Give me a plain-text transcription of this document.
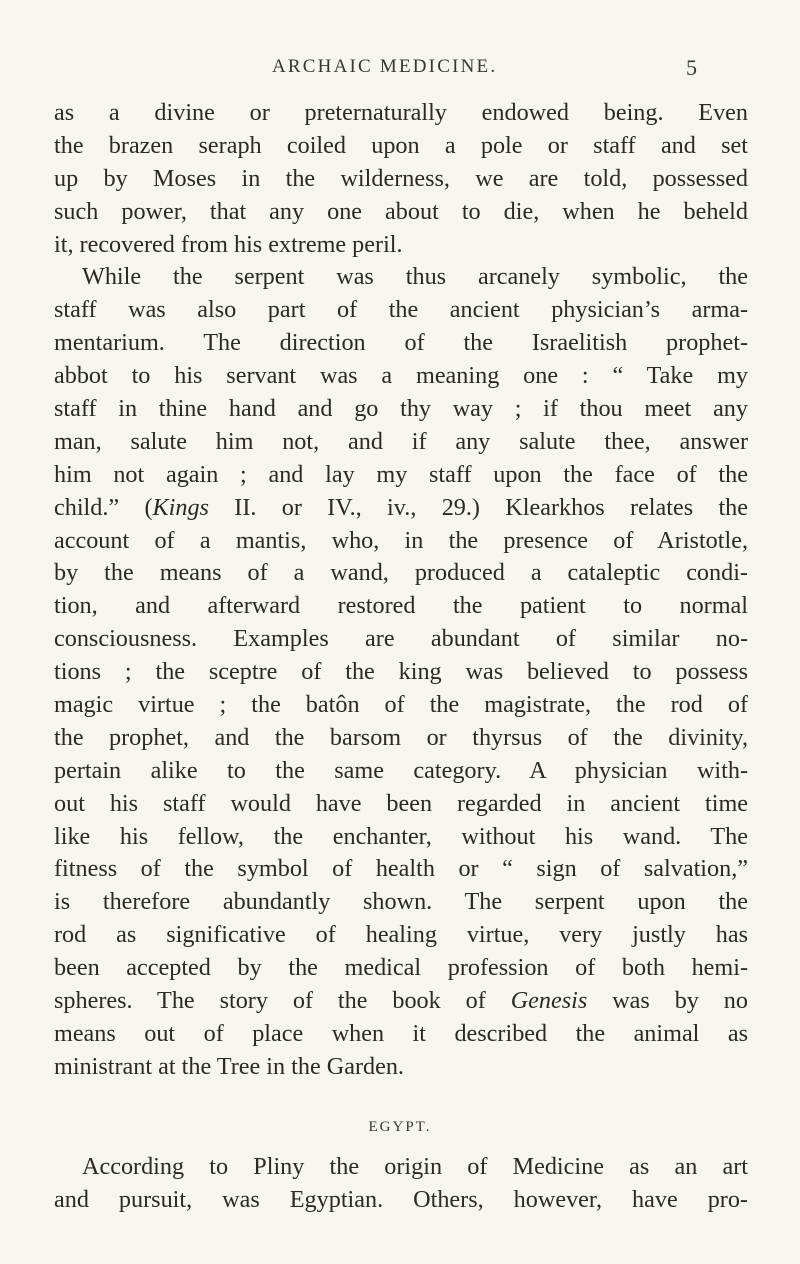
ARCHAIC MEDICINE.	5
as a divine or preternaturally endowed being. Even
the brazen seraph coiled upon a pole or staff and set
up by Moses in the wilderness, we are told, possessed
such power, that any one about to die, when he beheld
it, recovered from his extreme peril.
While the serpent was thus arcanely symbolic, the
staff was also part of the ancient physician’s arma-
mentarium. The direction of the Israelitish prophet-
abbot to his servant was a meaning one : “ Take my
staff in thine hand and go thy way ; if thou meet any
man, salute him not, and if any salute thee, answer
him not again ; and lay my staff upon the face of the
child.” (Kings II. or IV., iv., 29.) Klearkhos relates the
account of a mantis, who, in the presence of Aristotle,
by the means of a wand, produced a cataleptic condi-
tion, and afterward restored the patient to normal
consciousness. Examples are abundant of similar no-
tions ; the sceptre of the king was believed to possess
magic virtue ; the batôn of the magistrate, the rod of
the prophet, and the barsom or thyrsus of the divinity,
pertain alike to the same category. A physician with-
out his staff would have been regarded in ancient time
like his fellow, the enchanter, without his wand. The
fitness of the symbol of health or “ sign of salvation,”
is therefore abundantly shown. The serpent upon the
rod as significative of healing virtue, very justly has
been accepted by the medical profession of both hemi-
spheres. The story of the book of Genesis was by no
means out of place when it described the animal as
ministrant at the Tree in the Garden.
EGYPT.
According to Pliny the origin of Medicine as an art
and pursuit, was Egyptian. Others, however, have pro-
